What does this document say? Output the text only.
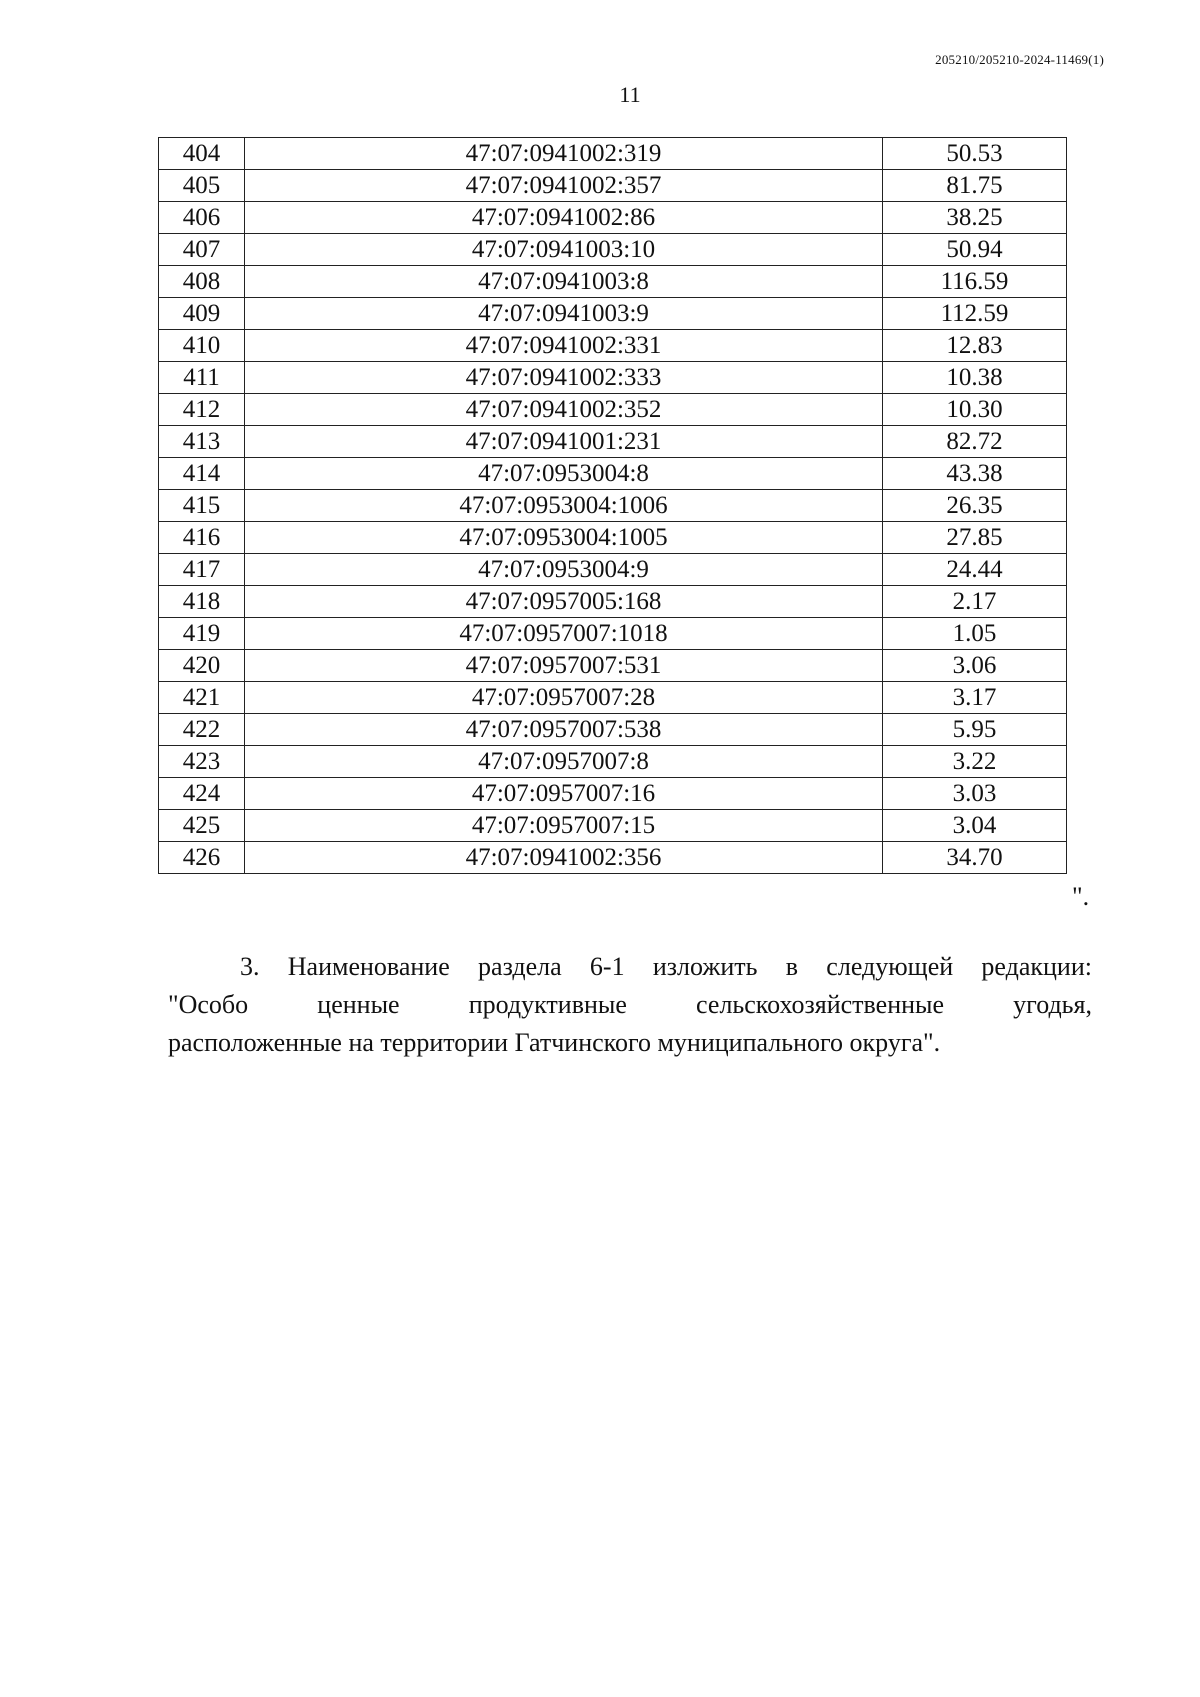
205210/205210-2024-11469(1)
11
404	47:07:0941002:319	50.53
405	47:07:0941002:357	81.75
406	47:07:0941002:86	38.25
407	47:07:0941003:10	50.94
408	47:07:0941003:8	116.59
409	47:07:0941003:9	112.59
410	47:07:0941002:331	12.83
411	47:07:0941002:333	10.38
412	47:07:0941002:352	10.30
413	47:07:0941001:231	82.72
414	47:07:0953004:8	43.38
415	47:07:0953004:1006	26.35
416	47:07:0953004:1005	27.85
417	47:07:0953004:9	24.44
418	47:07:0957005:168	2.17
419	47:07:0957007:1018	1.05
420	47:07:0957007:531	3.06
421	47:07:0957007:28	3.17
422	47:07:0957007:538	5.95
423	47:07:0957007:8	3.22
424	47:07:0957007:16	3.03
425	47:07:0957007:15	3.04
426	47:07:0941002:356	34.70
".
3. Наименование раздела 6-1 изложить в следующей редакции:
"Особо ценные продуктивные сельскохозяйственные угодья,
расположенные на территории Гатчинского муниципального округа".
